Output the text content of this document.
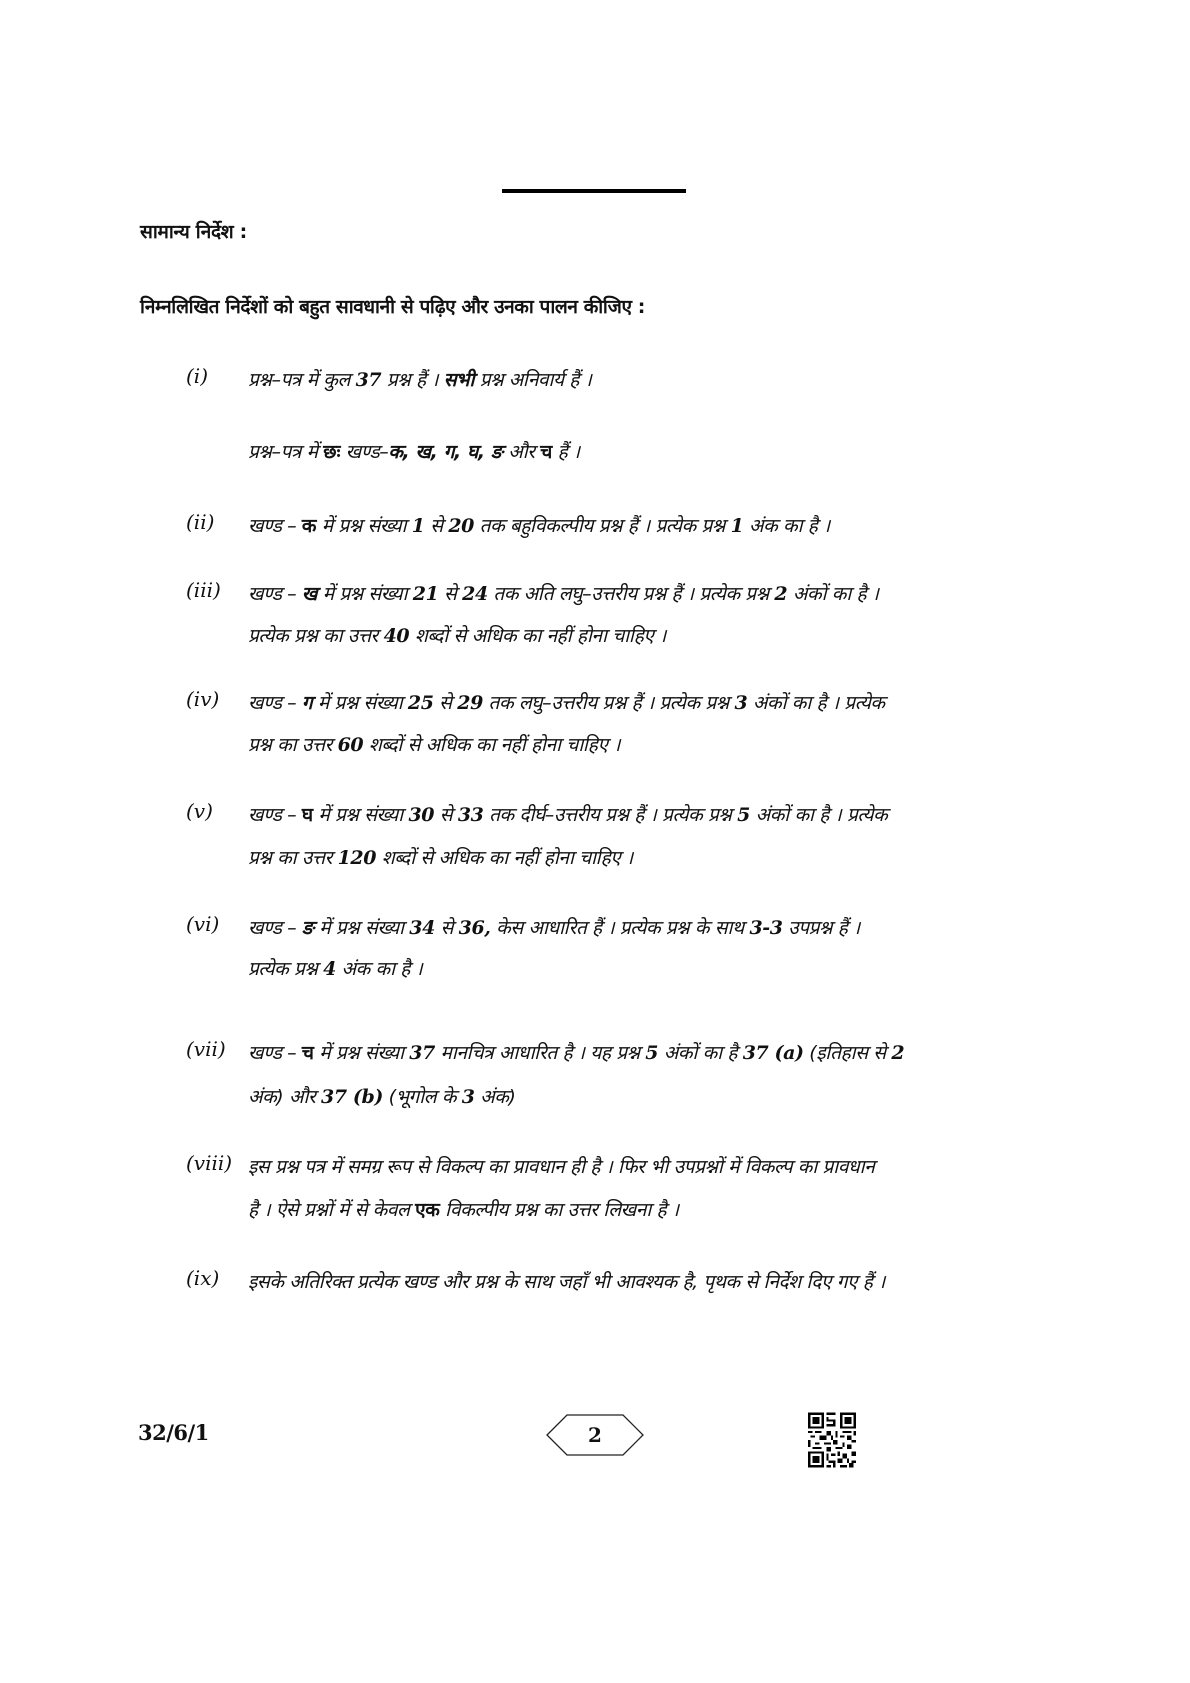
सामान्य निर्देश :
निम्नलिखित निर्देशों को बहुत सावधानी से पढ़िए और उनका पालन कीजिए :
(i) प्रश्न–पत्र में कुल 37 प्रश्न हैं । सभी प्रश्न अनिवार्य हैं ।
प्रश्न–पत्र में छः खण्ड–क, ख, ग, घ, ङ और च हैं ।
(ii) खण्ड – क में प्रश्न संख्या 1 से 20 तक बहुविकल्पीय प्रश्न हैं । प्रत्येक प्रश्न 1 अंक का है ।
(iii) खण्ड – ख में प्रश्न संख्या 21 से 24 तक अति लघु–उत्तरीय प्रश्न हैं । प्रत्येक प्रश्न 2 अंकों का है ।
प्रत्येक प्रश्न का उत्तर 40 शब्दों से अधिक का नहीं होना चाहिए ।
(iv) खण्ड – ग में प्रश्न संख्या 25 से 29 तक लघु–उत्तरीय प्रश्न हैं । प्रत्येक प्रश्न 3 अंकों का है । प्रत्येक
प्रश्न का उत्तर 60 शब्दों से अधिक का नहीं होना चाहिए ।
(v) खण्ड – घ में प्रश्न संख्या 30 से 33 तक दीर्घ–उत्तरीय प्रश्न हैं । प्रत्येक प्रश्न 5 अंकों का है । प्रत्येक
प्रश्न का उत्तर 120 शब्दों से अधिक का नहीं होना चाहिए ।
(vi) खण्ड – ङ में प्रश्न संख्या 34 से 36, केस आधारित हैं । प्रत्येक प्रश्न के साथ 3-3 उपप्रश्न हैं ।
प्रत्येक प्रश्न 4 अंक का है ।
(vii) खण्ड – च में प्रश्न संख्या 37 मानचित्र आधारित है । यह प्रश्न 5 अंकों का है 37 (a) (इतिहास से 2
अंक) और 37 (b) (भूगोल के 3 अंक)
(viii) इस प्रश्न पत्र में समग्र रूप से विकल्प का प्रावधान ही है । फिर भी उपप्रश्नों में विकल्प का प्रावधान
है । ऐसे प्रश्नों में से केवल एक विकल्पीय प्रश्न का उत्तर लिखना है ।
(ix) इसके अतिरिक्त प्रत्येक खण्ड और प्रश्न के साथ जहाँ भी आवश्यक है, पृथक से निर्देश दिए गए हैं ।
32/6/1	2
